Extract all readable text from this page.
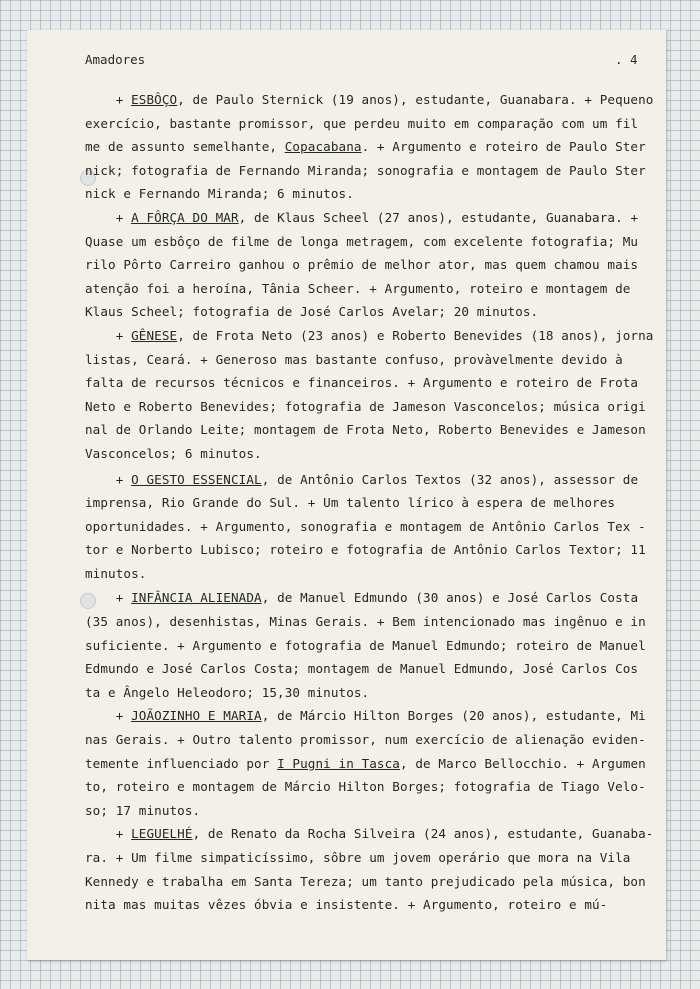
Amadores	. 4
+ ESBÔÇO, de Paulo Sternick (19 anos), estudante, Guanabara. + Pequeno
exercício, bastante promissor, que perdeu muito em comparação com um fil
me de assunto semelhante, Copacabana. + Argumento e roteiro de Paulo Ster
nick; fotografia de Fernando Miranda; sonografia e montagem de Paulo Ster
nick e Fernando Miranda; 6 minutos.
+ A FÔRÇA DO MAR, de Klaus Scheel (27 anos), estudante, Guanabara. +
Quase um esbôço de filme de longa metragem, com excelente fotografia; Mu
rilo Pôrto Carreiro ganhou o prêmio de melhor ator, mas quem chamou mais
atenção foi a heroína, Tânia Scheer. + Argumento, roteiro e montagem de
Klaus Scheel; fotografia de José Carlos Avelar; 20 minutos.
+ GÊNESE, de Frota Neto (23 anos) e Roberto Benevides (18 anos), jorna
listas, Ceará. + Generoso mas bastante confuso, provàvelmente devido à
falta de recursos técnicos e financeiros. + Argumento e roteiro de Frota
Neto e Roberto Benevides; fotografia de Jameson Vasconcelos; música origi
nal de Orlando Leite; montagem de Frota Neto, Roberto Benevides e Jameson
Vasconcelos; 6 minutos.
+ O GESTO ESSENCIAL, de Antônio Carlos Textos (32 anos), assessor de
imprensa, Rio Grande do Sul. + Um talento lírico à espera de melhores
oportunidades. + Argumento, sonografia e montagem de Antônio Carlos Tex -
tor e Norberto Lubisco; roteiro e fotografia de Antônio Carlos Textor; 11
minutos.
+ INFÂNCIA ALIENADA, de Manuel Edmundo (30 anos) e José Carlos Costa
(35 anos), desenhistas, Minas Gerais. + Bem intencionado mas ingênuo e in
suficiente. + Argumento e fotografia de Manuel Edmundo; roteiro de Manuel
Edmundo e José Carlos Costa; montagem de Manuel Edmundo, José Carlos Cos
ta e Ângelo Heleodoro; 15,30 minutos.
+ JOÃOZINHO E MARIA, de Márcio Hilton Borges (20 anos), estudante, Mi
nas Gerais. + Outro talento promissor, num exercício de alienação eviden-
temente influenciado por I Pugni in Tasca, de Marco Bellocchio. + Argumen
to, roteiro e montagem de Márcio Hilton Borges; fotografia de Tiago Velo-
so; 17 minutos.
+ LEGUELHÉ, de Renato da Rocha Silveira (24 anos), estudante, Guanaba-
ra. + Um filme simpaticíssimo, sôbre um jovem operário que mora na Vila
Kennedy e trabalha em Santa Tereza; um tanto prejudicado pela música, bon
nita mas muitas vêzes óbvia e insistente. + Argumento, roteiro e mú-
